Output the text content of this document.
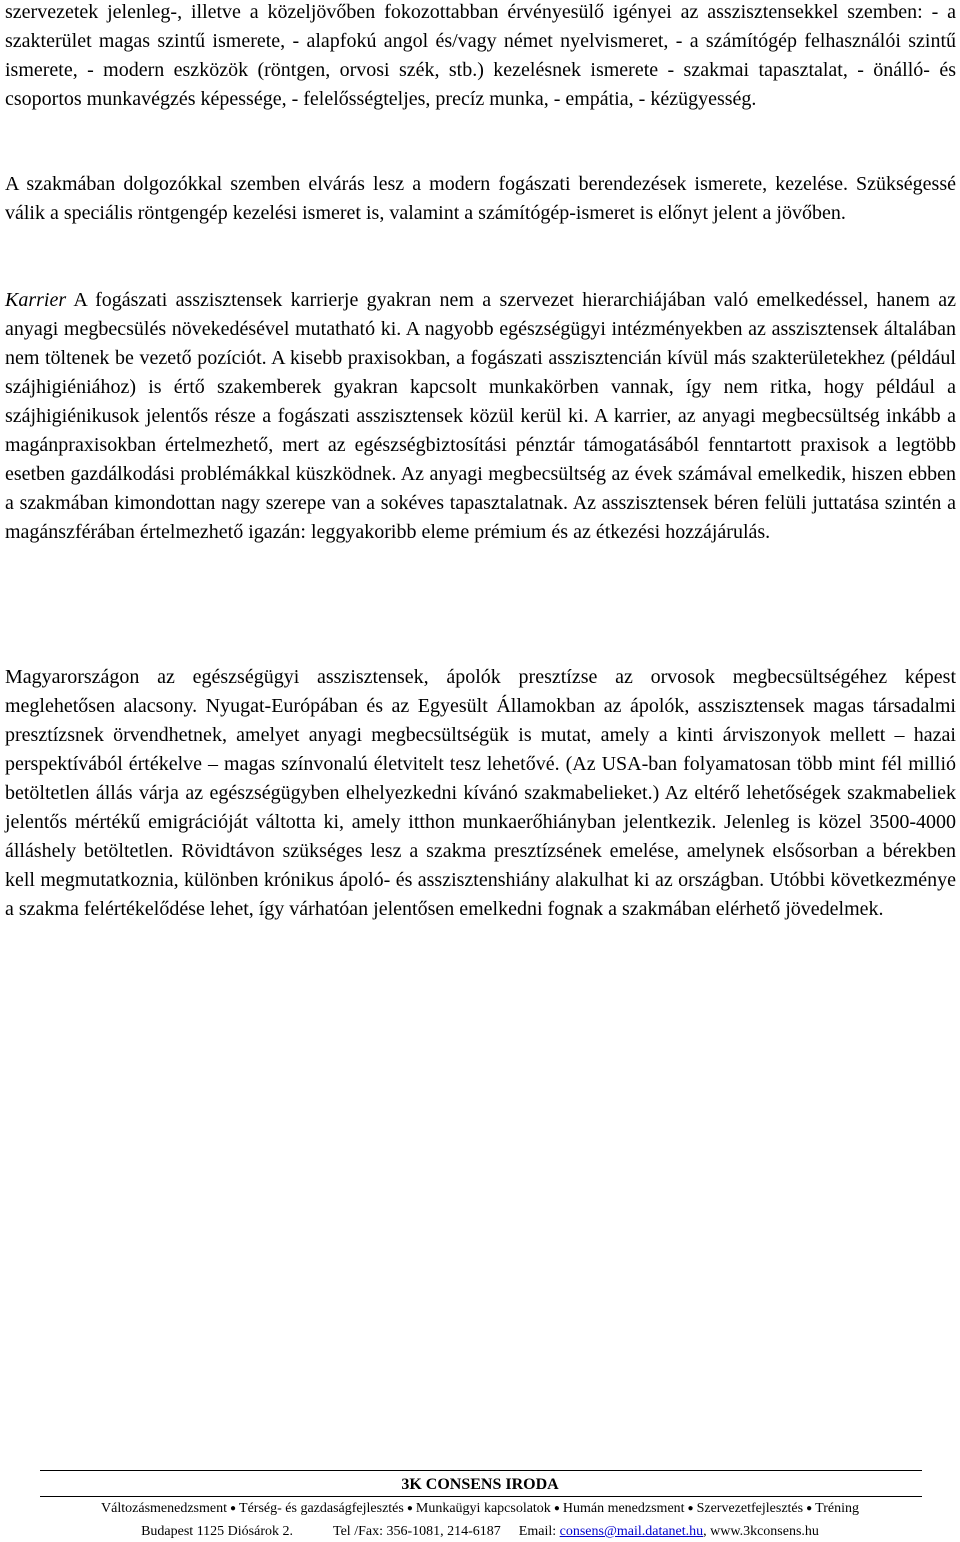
szervezetek jelenleg-, illetve a közeljövőben fokozottabban érvényesülő igényei az asszisztensekkel szemben: - a szakterület magas szintű ismerete, - alapfokú angol és/vagy német nyelvismeret, - a számítógép felhasználói szintű ismerete, - modern eszközök (röntgen, orvosi szék, stb.) kezelésnek ismerete - szakmai tapasztalat, - önálló- és csoportos munkavégzés képessége, - felelősségteljes, precíz munka, - empátia, - kézügyesség.

A szakmában dolgozókkal szemben elvárás lesz a modern fogászati berendezések ismerete, kezelése. Szükségessé válik a speciális röntgengép kezelési ismeret is, valamint a számítógép-ismeret is előnyt jelent a jövőben.

Karrier A fogászati asszisztensek karrierje gyakran nem a szervezet hierarchiájában való emelkedéssel, hanem az anyagi megbecsülés növekedésével mutatható ki. A nagyobb egészségügyi intézményekben az asszisztensek általában nem töltenek be vezető pozíciót. A kisebb praxisokban, a fogászati asszisztencián kívül más szakterületekhez (például szájhigiéniához) is értő szakemberek gyakran kapcsolt munkakörben vannak, így nem ritka, hogy például a szájhigiénikusok jelentős része a fogászati asszisztensek közül kerül ki. A karrier, az anyagi megbecsültség inkább a magánpraxisokban értelmezhető, mert az egészségbiztosítási pénztár támogatásából fenntartott praxisok a legtöbb esetben gazdálkodási problémákkal küszködnek. Az anyagi megbecsültség az évek számával emelkedik, hiszen ebben a szakmában kimondottan nagy szerepe van a sokéves tapasztalatnak. Az asszisztensek béren felüli juttatása szintén a magánszférában értelmezhető igazán: leggyakoribb eleme prémium és az étkezési hozzájárulás.

Magyarországon az egészségügyi asszisztensek, ápolók presztízse az orvosok megbecsültségéhez képest meglehetősen alacsony. Nyugat-Európában és az Egyesült Államokban az ápolók, asszisztensek magas társadalmi presztízsnek örvendhetnek, amelyet anyagi megbecsültségük is mutat, amely a kinti árviszonyok mellett – hazai perspektívából értékelve – magas színvonalú életvitelt tesz lehetővé. (Az USA-ban folyamatosan több mint fél millió betöltetlen állás várja az egészségügyben elhelyezkedni kívánó szakmabelieket.) Az eltérő lehetőségek szakmabeliek jelentős mértékű emigrációját váltotta ki, amely itthon munkaerőhiányban jelentkezik. Jelenleg is közel 3500-4000 álláshely betöltetlen. Rövidtávon szükséges lesz a szakma presztízsének emelése, amelynek elsősorban a bérekben kell megmutatkoznia, különben krónikus ápoló- és asszisztenshiány alakulhat ki az országban. Utóbbi következménye a szakma felértékelődése lehet, így várhatóan jelentősen emelkedni fognak a szakmában elérhető jövedelmek.

3K CONSENS IRODA
Változásmenedzsment ● Térség- és gazdaságfejlesztés ● Munkaügyi kapcsolatok ● Humán menedzsment ● Szervezetfejlesztés ● Tréning
Budapest 1125 Diósárok 2.	Tel /Fax: 356-1081, 214-6187 Email: consens@mail.datanet.hu, www.3kconsens.hu
